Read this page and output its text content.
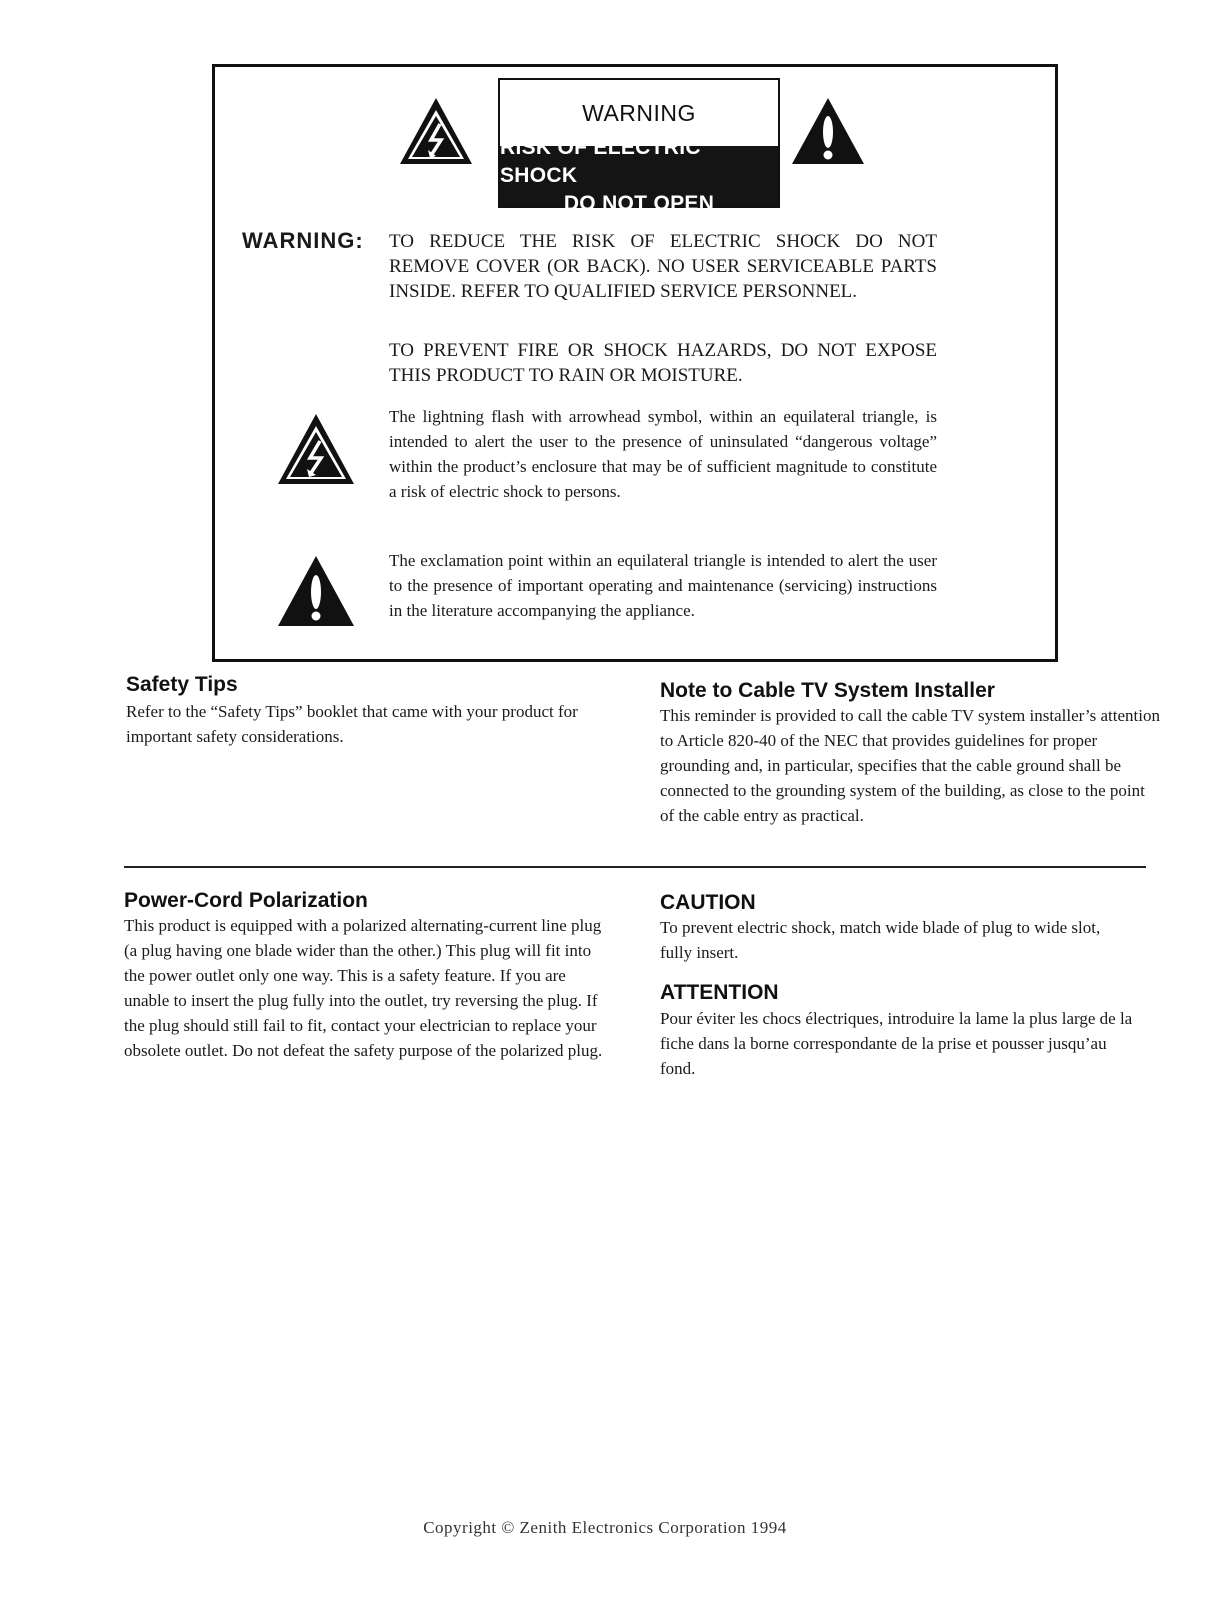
WARNING
RISK OF ELECTRIC SHOCK
DO NOT OPEN
WARNING: TO REDUCE THE RISK OF ELECTRIC SHOCK DO NOT REMOVE COVER (OR BACK). NO USER SERVICEABLE PARTS INSIDE. REFER TO QUALIFIED SERVICE PERSONNEL.
TO PREVENT FIRE OR SHOCK HAZARDS, DO NOT EXPOSE THIS PRODUCT TO RAIN OR MOISTURE.
The lightning flash with arrowhead symbol, within an equilateral triangle, is intended to alert the user to the presence of uninsulated “dangerous voltage” within the product’s enclosure that may be of sufficient magnitude to constitute a risk of electric shock to persons.
The exclamation point within an equilateral triangle is intended to alert the user to the presence of important operating and maintenance (servicing) instructions in the literature accompanying the appliance.
Safety Tips
Refer to the “Safety Tips” booklet that came with your product for important safety considerations.
Note to Cable TV System Installer
This reminder is provided to call the cable TV system installer’s attention to Article 820-40 of the NEC that provides guidelines for proper grounding and, in particular, specifies that the cable ground shall be connected to the grounding system of the building, as close to the point of the cable entry as practical.
Power-Cord Polarization
This product is equipped with a polarized alternating-current line plug (a plug having one blade wider than the other.) This plug will fit into the power outlet only one way. This is a safety feature. If you are unable to insert the plug fully into the outlet, try reversing the plug. If the plug should still fail to fit, contact your electrician to replace your obsolete outlet. Do not defeat the safety purpose of the polarized plug.
CAUTION
To prevent electric shock, match wide blade of plug to wide slot, fully insert.
ATTENTION
Pour éviter les chocs électriques, introduire la lame la plus large de la fiche dans la borne correspondante de la prise et pousser jusqu’au fond.
Copyright © Zenith Electronics Corporation 1994
